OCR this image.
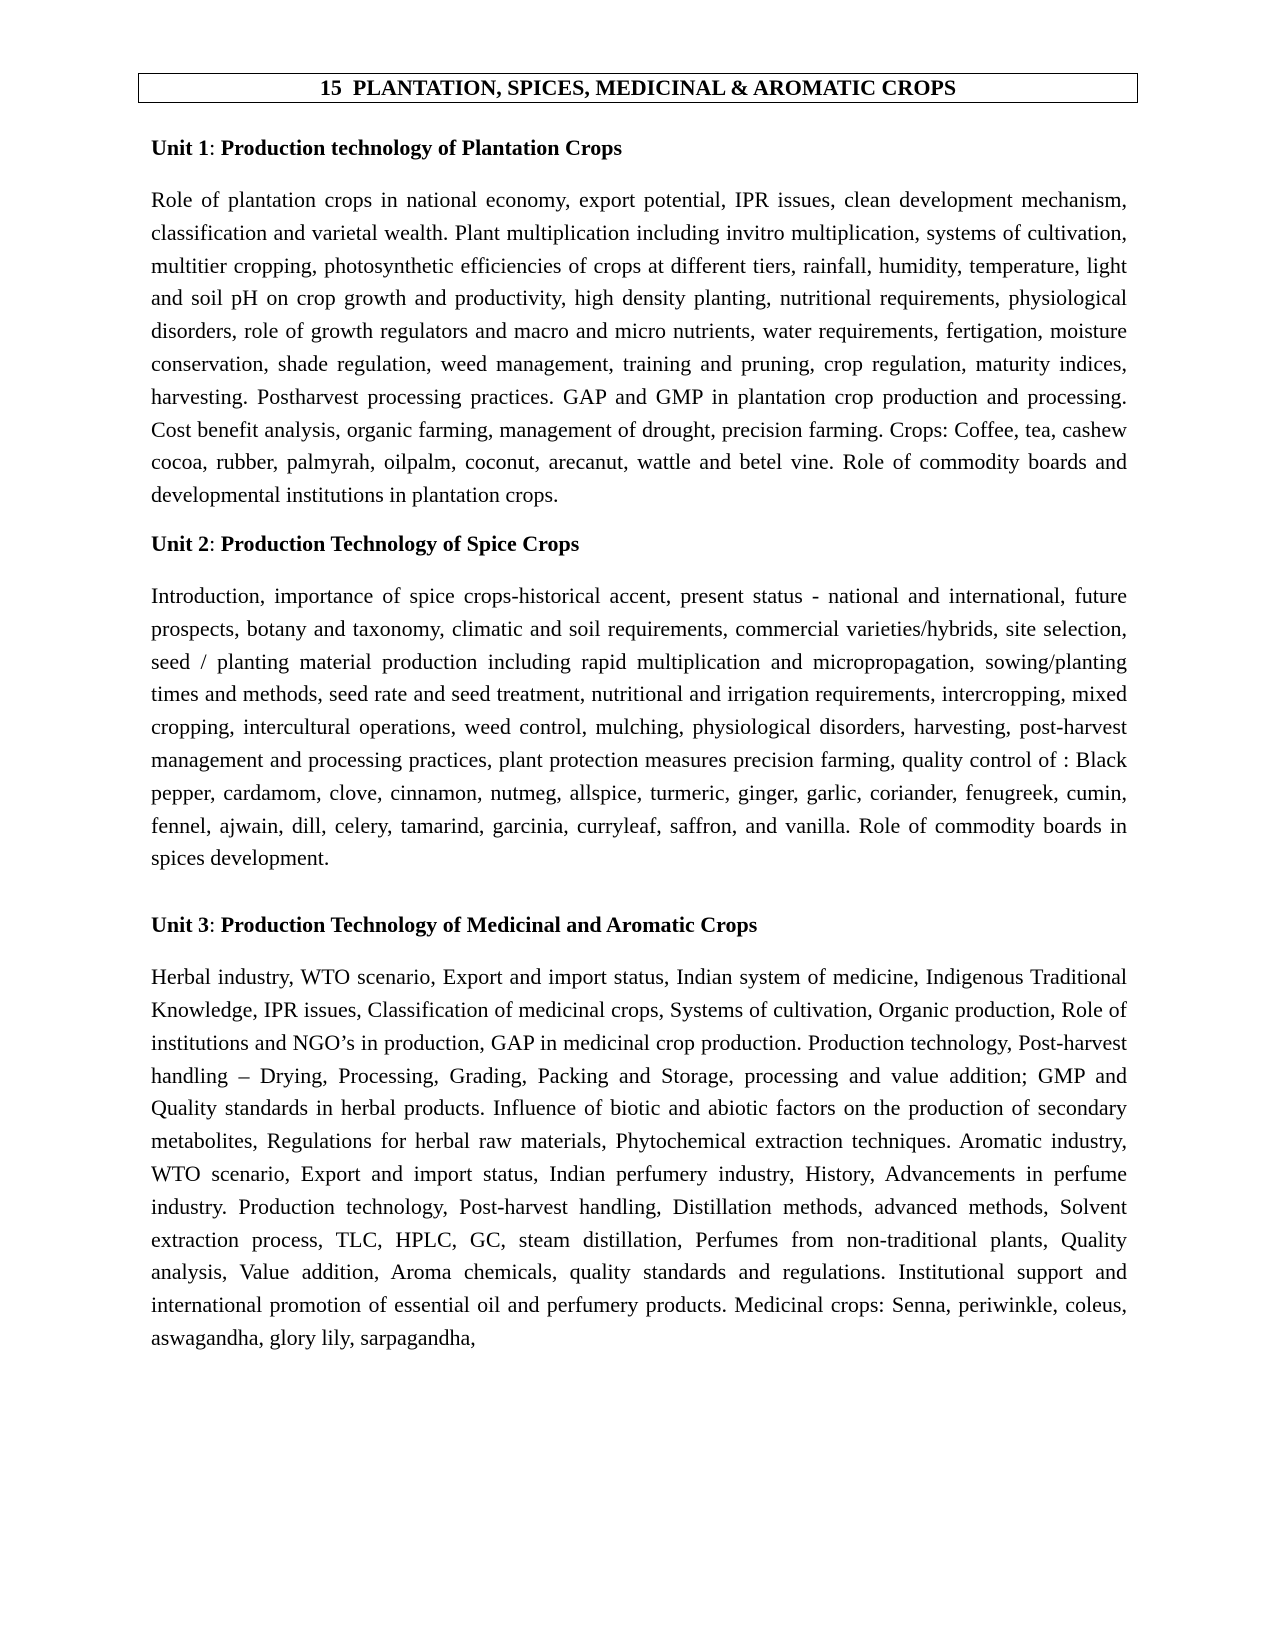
15  PLANTATION, SPICES, MEDICINAL & AROMATIC CROPS

Unit 1: Production technology of Plantation Crops

Role of plantation crops in national economy, export potential, IPR issues, clean development mechanism, classification and varietal wealth. Plant multiplication including invitro multiplication, systems of cultivation, multitier cropping, photosynthetic efficiencies of crops at different tiers, rainfall, humidity, temperature, light and soil pH on crop growth and productivity, high density planting, nutritional requirements, physiological disorders, role of growth regulators and macro and micro nutrients, water requirements, fertigation, moisture conservation, shade regulation, weed management, training and pruning, crop regulation, maturity indices, harvesting. Postharvest processing practices. GAP and GMP in plantation crop production and processing. Cost benefit analysis, organic farming, management of drought, precision farming. Crops: Coffee, tea, cashew cocoa, rubber, palmyrah, oilpalm, coconut, arecanut, wattle and betel vine. Role of commodity boards and developmental institutions in plantation crops.

Unit 2: Production Technology of Spice Crops

Introduction, importance of spice crops-historical accent, present status - national and international, future prospects, botany and taxonomy, climatic and soil requirements, commercial varieties/hybrids, site selection, seed / planting material production including rapid multiplication and micropropagation, sowing/planting times and methods, seed rate and seed treatment, nutritional and irrigation requirements, intercropping, mixed cropping, intercultural operations, weed control, mulching, physiological disorders, harvesting, post-harvest management and processing practices, plant protection measures precision farming, quality control of : Black pepper, cardamom, clove, cinnamon, nutmeg, allspice, turmeric, ginger, garlic, coriander, fenugreek, cumin, fennel, ajwain, dill, celery, tamarind, garcinia, curryleaf, saffron, and vanilla. Role of commodity boards in spices development.

Unit 3: Production Technology of Medicinal and Aromatic Crops

Herbal industry, WTO scenario, Export and import status, Indian system of medicine, Indigenous Traditional Knowledge, IPR issues, Classification of medicinal crops, Systems of cultivation, Organic production, Role of institutions and NGO’s in production, GAP in medicinal crop production. Production technology, Post-harvest handling – Drying, Processing, Grading, Packing and Storage, processing and value addition; GMP and Quality standards in herbal products. Influence of biotic and abiotic factors on the production of secondary metabolites, Regulations for herbal raw materials, Phytochemical extraction techniques. Aromatic industry, WTO scenario, Export and import status, Indian perfumery industry, History, Advancements in perfume industry. Production technology, Post-harvest handling, Distillation methods, advanced methods, Solvent extraction process, TLC, HPLC, GC, steam distillation, Perfumes from non-traditional plants, Quality analysis, Value addition, Aroma chemicals, quality standards and regulations. Institutional support and international promotion of essential oil and perfumery products. Medicinal crops: Senna, periwinkle, coleus, aswagandha, glory lily, sarpagandha,
